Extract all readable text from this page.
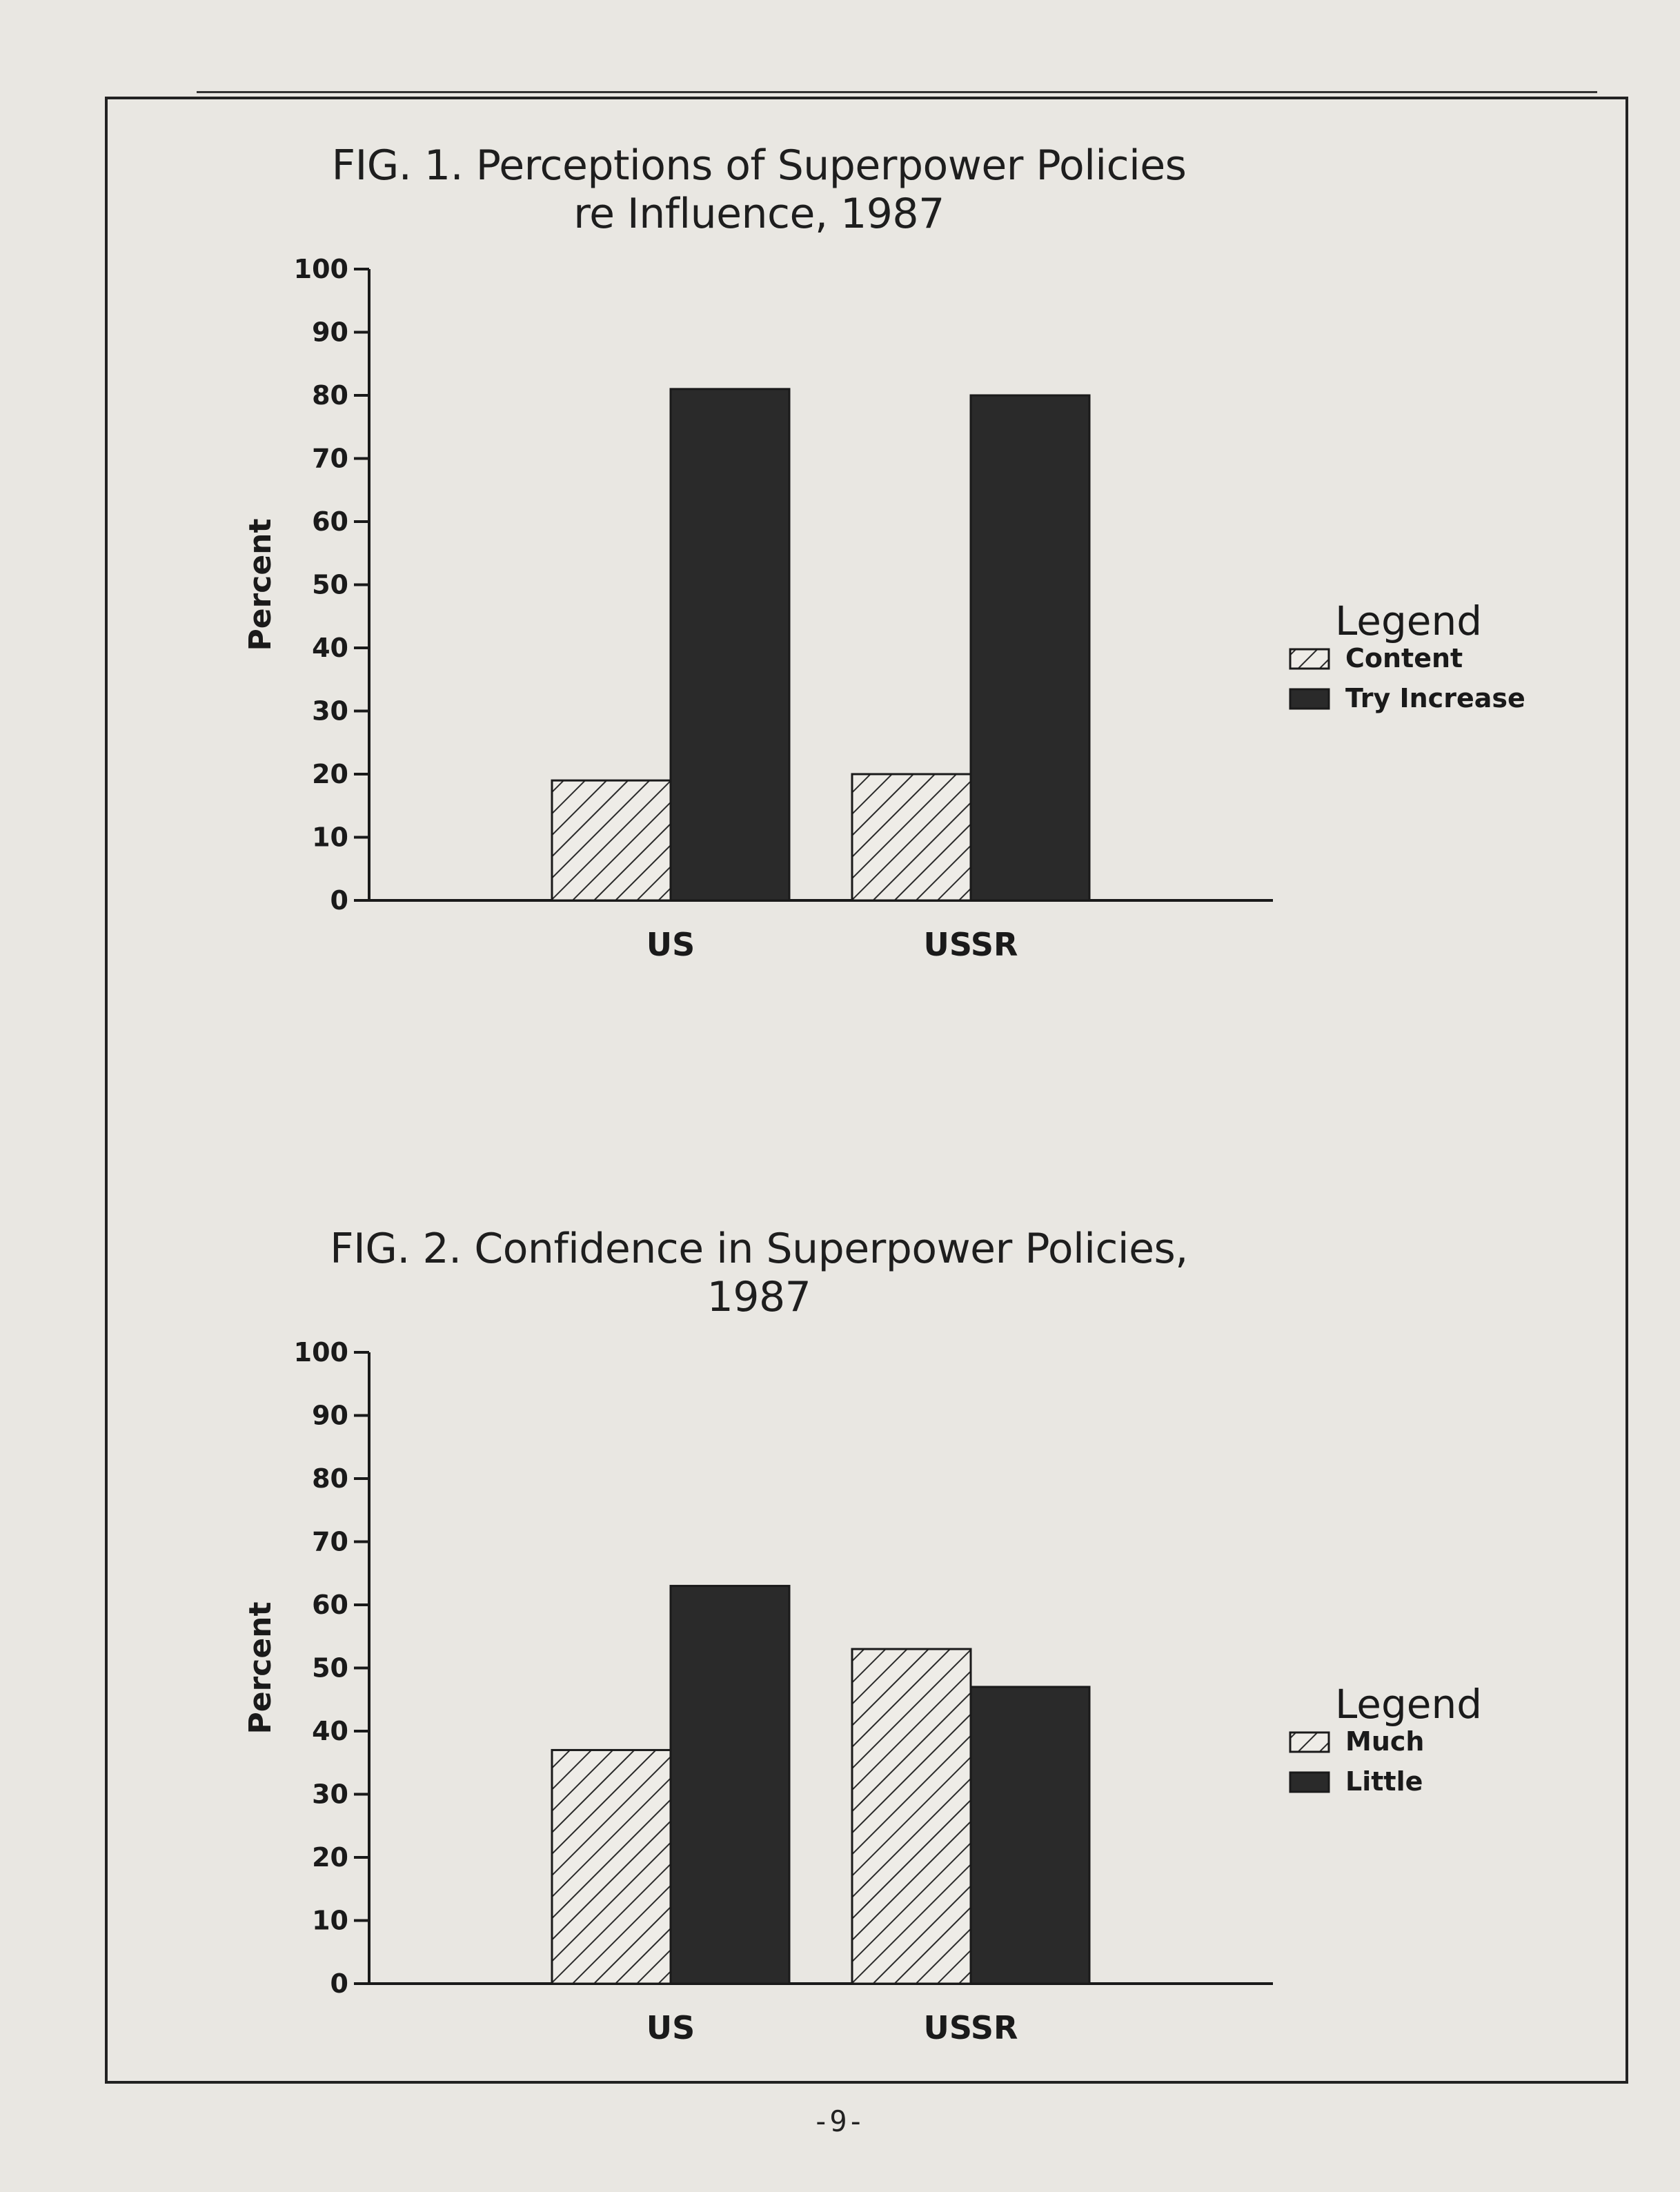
FIG. 1. Perceptions of Superpower Policies
re Influence, 1987
0
10
20
30
40
50
60
70
80
90
100
Percent
US	USSR
Legend
Content
Try Increase
FIG. 2. Confidence in Superpower Policies,
1987
0
10
20
30
40
50
60
70
80
90
100
Percent
US	USSR
Legend
Much
Little
-9-
